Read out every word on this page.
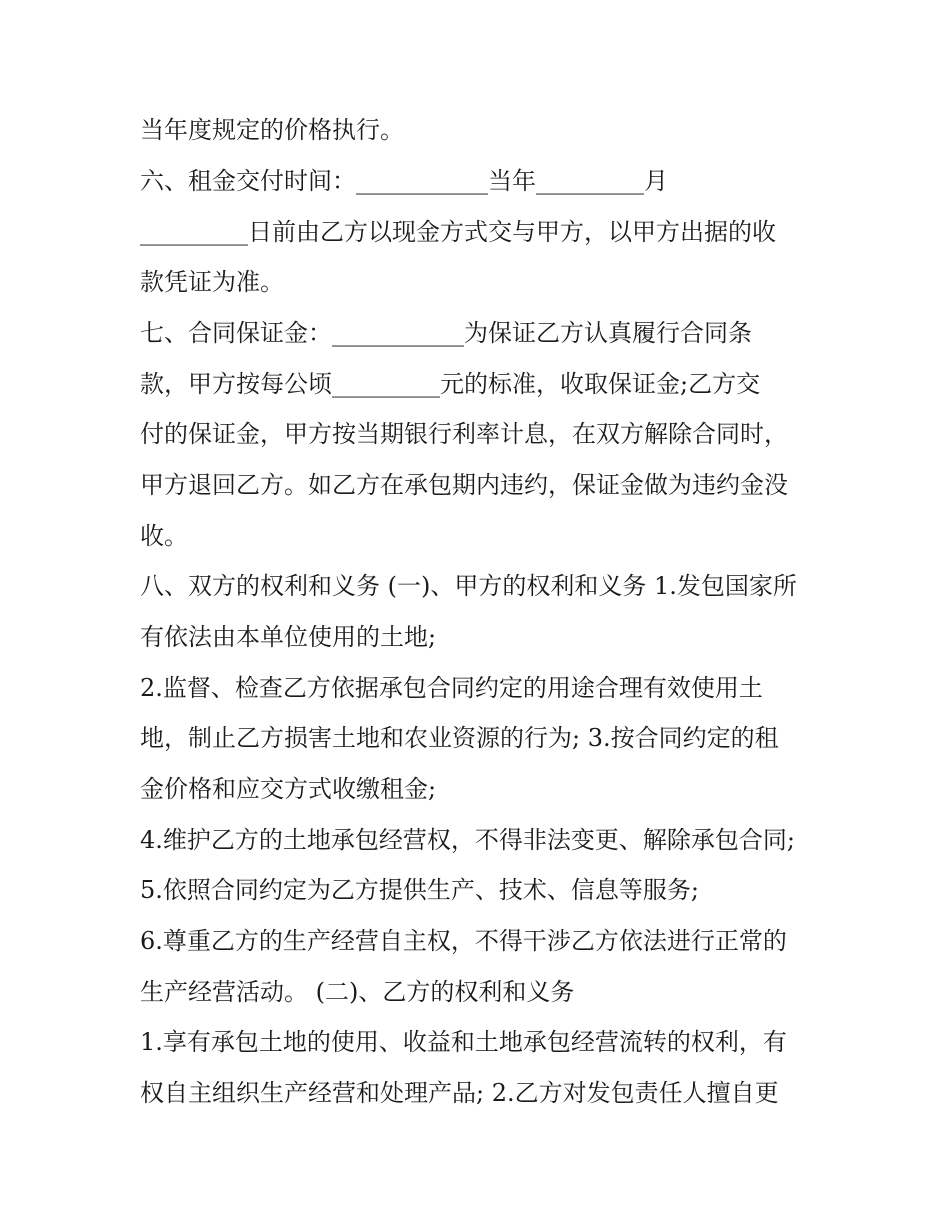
当年度规定的价格执行。
六、租金交付时间：___________当年_________月
_________日前由乙方以现金方式交与甲方，以甲方出据的收
款凭证为准。
七、合同保证金：___________为保证乙方认真履行合同条
款，甲方按每公顷_________元的标准，收取保证金;乙方交
付的保证金，甲方按当期银行利率计息，在双方解除合同时，
甲方退回乙方。如乙方在承包期内违约，保证金做为违约金没
收。
八、双方的权利和义务 (一)、甲方的权利和义务 1.发包国家所
有依法由本单位使用的土地;
2.监督、检查乙方依据承包合同约定的用途合理有效使用土
地，制止乙方损害土地和农业资源的行为; 3.按合同约定的租
金价格和应交方式收缴租金;
4.维护乙方的土地承包经营权，不得非法变更、解除承包合同;
5.依照合同约定为乙方提供生产、技术、信息等服务;
6.尊重乙方的生产经营自主权，不得干涉乙方依法进行正常的
生产经营活动。 (二)、乙方的权利和义务
1.享有承包土地的使用、收益和土地承包经营流转的权利，有
权自主组织生产经营和处理产品; 2.乙方对发包责任人擅自更
